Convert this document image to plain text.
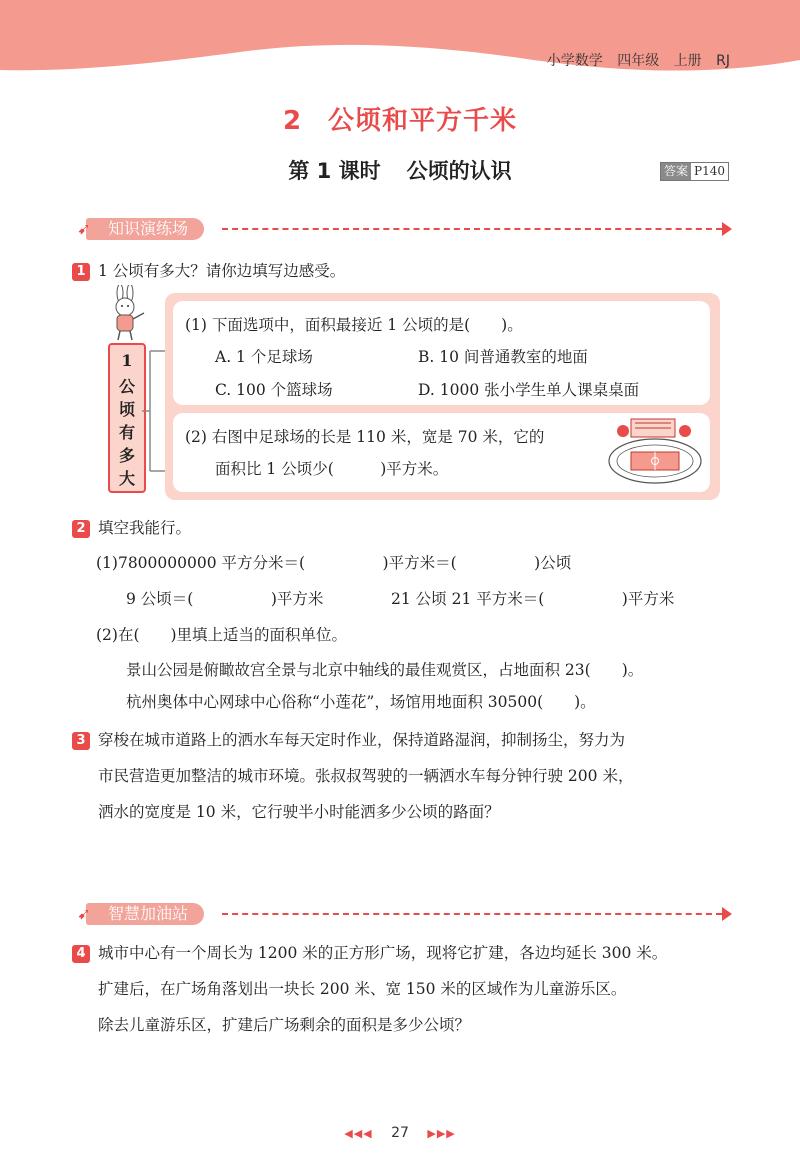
小学数学 四年级 上册 RJ
2 公顷和平方千米
第 1 课时 公顷的认识	答案 P140
知识演练场
➹
1 1 公顷有多大？请你边填写边感受。
1
公
顷
有
多
大
(1) 下面选项中，面积最接近 1 公顷的是(　　)。
A. 1 个足球场	B. 10 间普通教室的地面
C. 100 个篮球场	D. 1000 张小学生单人课桌桌面
(2) 右图中足球场的长是 110 米，宽是 70 米，它的
面积比 1 公顷少(　　　)平方米。
2 填空我能行。
(1)7800000000 平方分米＝(　　　　　)平方米＝(　　　　　)公顷
9 公顷＝(　　　　　)平方米	21 公顷 21 平方米＝(　　　　　)平方米
(2)在(　　)里填上适当的面积单位。
景山公园是俯瞰故宫全景与北京中轴线的最佳观赏区，占地面积 23(　　)。
杭州奥体中心网球中心俗称“小莲花”，场馆用地面积 30500(　　)。
3 穿梭在城市道路上的洒水车每天定时作业，保持道路湿润，抑制扬尘，努力为
市民营造更加整洁的城市环境。张叔叔驾驶的一辆洒水车每分钟行驶 200 米，
洒水的宽度是 10 米，它行驶半小时能洒多少公顷的路面？
智慧加油站
➹
4 城市中心有一个周长为 1200 米的正方形广场，现将它扩建，各边均延长 300 米。
扩建后，在广场角落划出一块长 200 米、宽 150 米的区域作为儿童游乐区。
除去儿童游乐区，扩建后广场剩余的面积是多少公顷？
◀◀◀ 27 ▶▶▶
